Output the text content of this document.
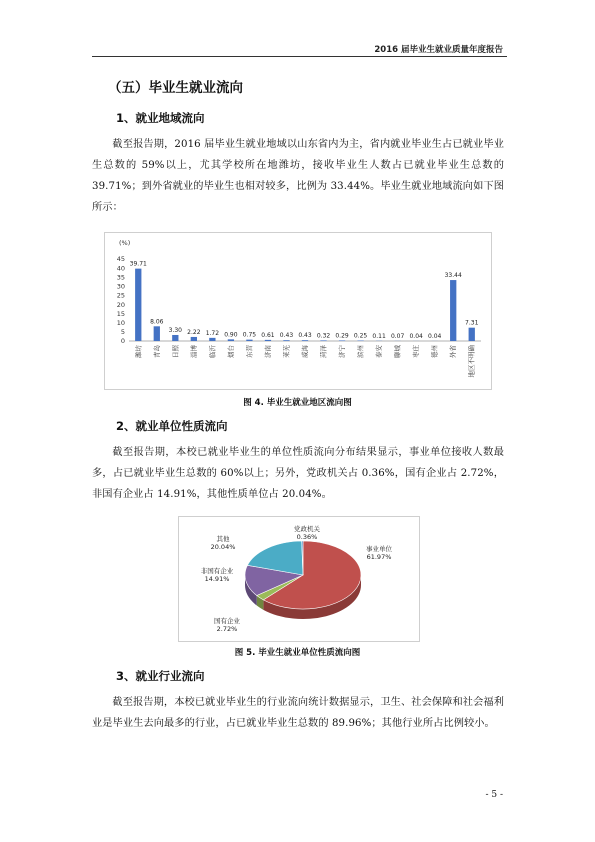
2016 届毕业生就业质量年度报告
（五）毕业生就业流向
1、就业地域流向
截至报告期，2016 届毕业生就业地域以山东省内为主，省内就业毕业生占已就业毕业生总数的 59%以上，尤其学校所在地潍坊，接收毕业生人数占已就业毕业生总数的 39.71%；到外省就业的毕业生也相对较多，比例为 33.44%。毕业生就业地域流向如下图所示：
(%)
0
5
10
15
20
25
30
35
40
45
39.71
潍坊
8.06
青岛
3.30
日照
2.22
淄博
1.72
临沂
0.90
烟台
0.75
东营
0.61
济南
0.43
莱芜
0.43
威海
0.32
菏泽
0.29
济宁
0.25
滨州
0.11
泰安
0.07
聊城
0.04
枣庄
0.04
德州
33.44
外省
7.31
地区不明确
图 4. 毕业生就业地区流向图
2、就业单位性质流向
截至报告期，本校已就业毕业生的单位性质流向分布结果显示，事业单位接收人数最多，占已就业毕业生总数的 60%以上；另外，党政机关占 0.36%，国有企业占 2.72%，非国有企业占 14.91%，其他性质单位占 20.04%。
事业单位
61.97%
国有企业
2.72%
非国有企业
14.91%
其他
20.04%
党政机关
0.36%
图 5. 毕业生就业单位性质流向图
3、就业行业流向
截至报告期，本校已就业毕业生的行业流向统计数据显示，卫生、社会保障和社会福利业是毕业生去向最多的行业，占已就业毕业生总数的 89.96%；其他行业所占比例较小。
- 5 -
